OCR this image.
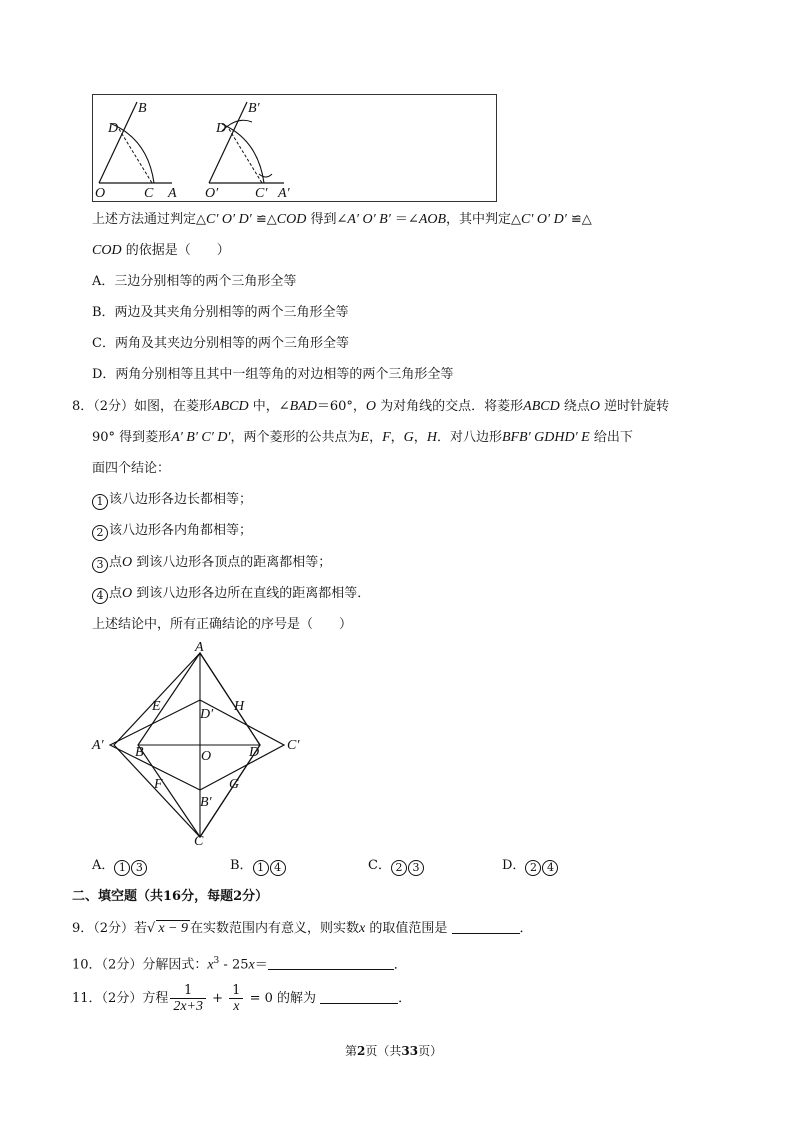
B
D
O	C A
B′
D
O′	C′ A′
上述方法通过判定△C′ O′ D′ ≌△COD 得到∠A′ O′ B′ ＝∠AOB，其中判定△C′ O′ D′ ≌△
COD 的依据是（　　）
A．三边分别相等的两个三角形全等
B．两边及其夹角分别相等的两个三角形全等
C．两角及其夹边分别相等的两个三角形全等
D．两角分别相等且其中一组等角的对边相等的两个三角形全等
8．（2分）如图，在菱形ABCD 中，∠BAD＝60°，O 为对角线的交点．将菱形ABCD 绕点O 逆时针旋转
90° 得到菱形A′ B′ C′ D′，两个菱形的公共点为E，F，G，H．对八边形BFB′ GDHD′ E 给出下
面四个结论：
1 该八边形各边长都相等；
2 该八边形各内角都相等；
3 点O 到该八边形各顶点的距离都相等；
4 点O 到该八边形各边所在直线的距离都相等．
上述结论中，所有正确结论的序号是（　　）
A
E	H
D′
A′ B	O	D C′
F	G
B′
C
A． 1 3	B． 1 4	C． 2 3	D． 2 4
二、填空题（共16分，每题2分）
9．（2分）若√ x − 9 在实数范围内有意义，则实数x 的取值范围是	．
10．（2分）分解因式：$x^3 - 25x=$	．
11．（2分）方程 $\frac{1}{2x+3} + \frac{1}{x} = 0$ 的解为	．
第2页（共33页）
